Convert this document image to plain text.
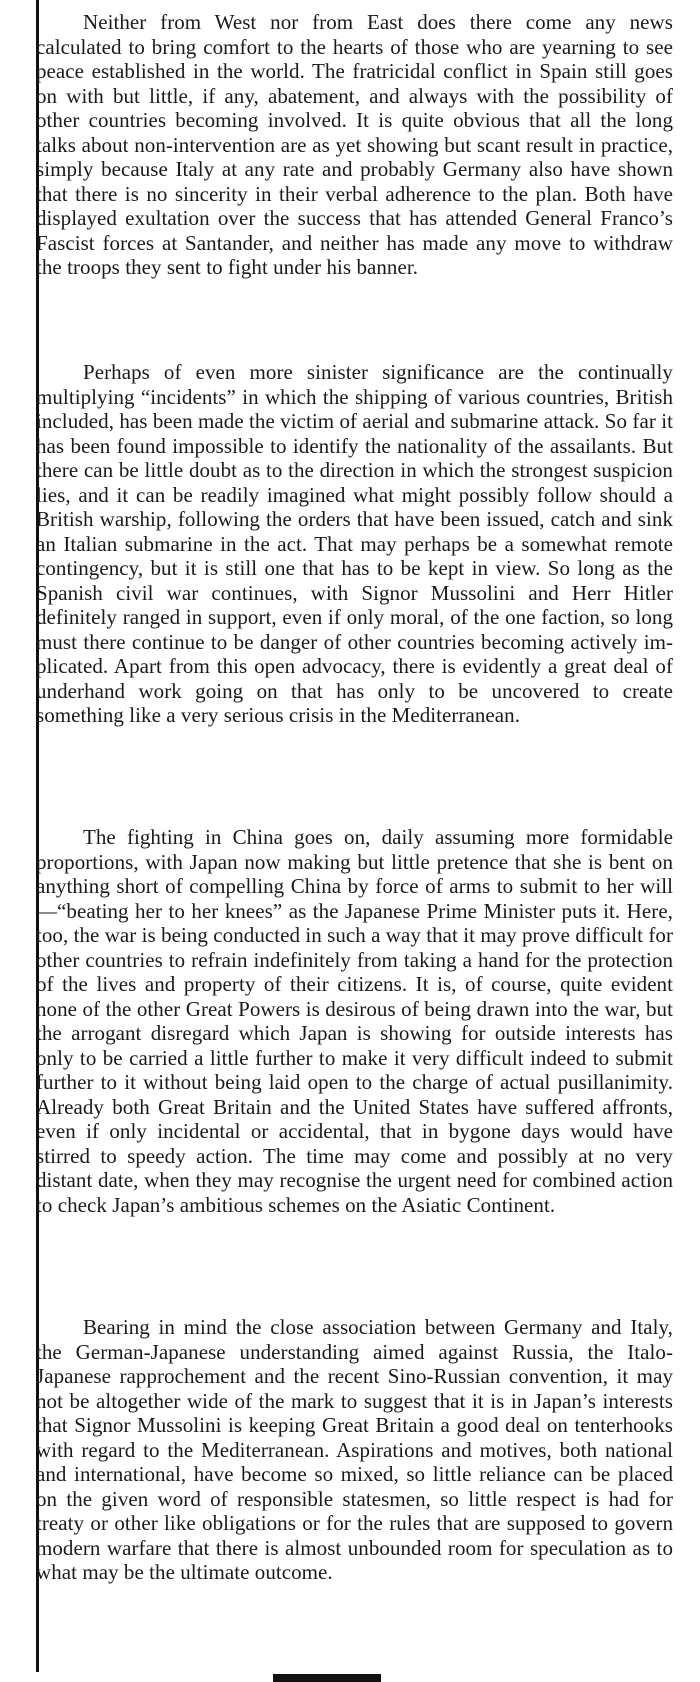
Neither from West nor from East does there come any news calculated to bring comfort to the hearts of those who are yearning to see peace established in the world. The fratricidal conflict in Spain still goes on with but little, if any, abatement, and always with the possibility of other countries becoming involved. It is quite obvious that all the long talks about non-intervention are as yet showing but scant result in practice, simply because Italy at any rate and probably Germany also have shown that there is no sincerity in their verbal adherence to the plan. Both have displayed exultation over the success that has attended General Franco’s Fascist forces at Santander, and neither has made any move to withdraw the troops they sent to fight under his banner.

Perhaps of even more sinister significance are the continually multiplying “incidents” in which the shipping of various countries, British included, has been made the victim of aerial and submarine attack. So far it has been found impossible to identify the nationality of the assailants. But there can be little doubt as to the direction in which the strongest suspicion lies, and it can be readily imagined what might possibly follow should a British warship, following the orders that have been issued, catch and sink an Italian submarine in the act. That may perhaps be a somewhat remote contingency, but it is still one that has to be kept in view. So long as the Spanish civil war continues, with Signor Mussolini and Herr Hitler definitely ranged in support, even if only moral, of the one faction, so long must there continue to be danger of other countries becoming actively implicated. Apart from this open advocacy, there is evidently a great deal of underhand work going on that has only to be uncovered to create something like a very serious crisis in the Mediterranean.

The fighting in China goes on, daily assuming more formidable proportions, with Japan now making but little pretence that she is bent on anything short of compelling China by force of arms to submit to her will—“beating her to her knees” as the Japanese Prime Minister puts it. Here, too, the war is being conducted in such a way that it may prove difficult for other countries to refrain indefinitely from taking a hand for the protection of the lives and property of their citizens. It is, of course, quite evident none of the other Great Powers is desirous of being drawn into the war, but the arrogant disregard which Japan is showing for outside interests has only to be carried a little further to make it very difficult indeed to submit further to it without being laid open to the charge of actual pusillanimity. Already both Great Britain and the United States have suffered affronts, even if only incidental or accidental, that in bygone days would have stirred to speedy action. The time may come and possibly at no very distant date, when they may recognise the urgent need for combined action to check Japan’s ambitious schemes on the Asiatic Continent.

Bearing in mind the close association between Germany and Italy, the German-Japanese understanding aimed against Russia, the Italo-Japanese rapprochement and the recent Sino-Russian convention, it may not be altogether wide of the mark to suggest that it is in Japan’s interests that Signor Mussolini is keeping Great Britain a good deal on tenterhooks with regard to the Mediterranean. Aspirations and motives, both national and international, have become so mixed, so little reliance can be placed on the given word of responsible statesmen, so little respect is had for treaty or other like obligations or for the rules that are supposed to govern modern warfare that there is almost unbounded room for speculation as to what may be the ultimate outcome.
